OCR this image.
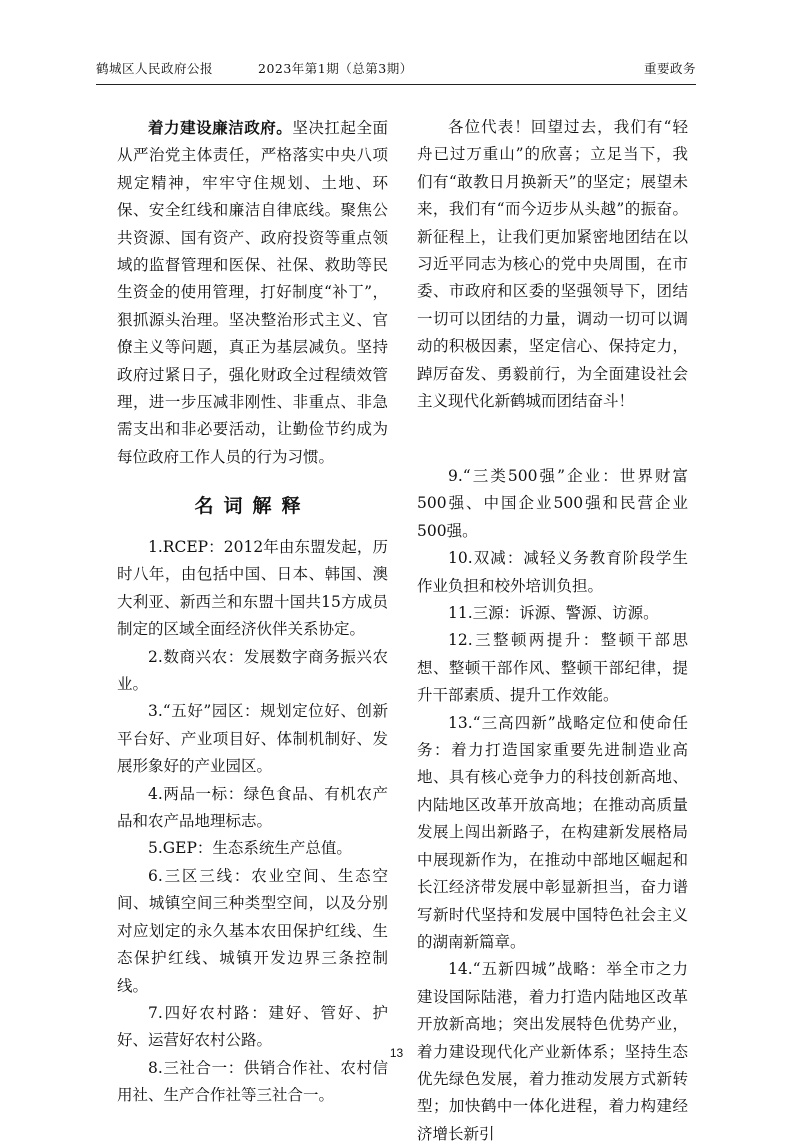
鹤城区人民政府公报	2023年第1期（总第3期）	重要政务

着力建设廉洁政府。坚决扛起全面从严治党主体责任，严格落实中央八项规定精神，牢牢守住规划、土地、环保、安全红线和廉洁自律底线。聚焦公共资源、国有资产、政府投资等重点领域的监督管理和医保、社保、救助等民生资金的使用管理，打好制度“补丁”，狠抓源头治理。坚决整治形式主义、官僚主义等问题，真正为基层减负。坚持政府过紧日子，强化财政全过程绩效管理，进一步压减非刚性、非重点、非急需支出和非必要活动，让勤俭节约成为每位政府工作人员的行为习惯。

各位代表！回望过去，我们有“轻舟已过万重山”的欣喜；立足当下，我们有“敢教日月换新天”的坚定；展望未来，我们有“而今迈步从头越”的振奋。新征程上，让我们更加紧密地团结在以习近平同志为核心的党中央周围，在市委、市政府和区委的坚强领导下，团结一切可以团结的力量，调动一切可以调动的积极因素，坚定信心、保持定力，踔厉奋发、勇毅前行，为全面建设社会主义现代化新鹤城而团结奋斗！

名词解释

1.RCEP：2012年由东盟发起，历时八年，由包括中国、日本、韩国、澳大利亚、新西兰和东盟十国共15方成员制定的区域全面经济伙伴关系协定。

2.数商兴农：发展数字商务振兴农业。

3.“五好”园区：规划定位好、创新平台好、产业项目好、体制机制好、发展形象好的产业园区。

4.两品一标：绿色食品、有机农产品和农产品地理标志。

5.GEP：生态系统生产总值。

6.三区三线：农业空间、生态空间、城镇空间三种类型空间，以及分别对应划定的永久基本农田保护红线、生态保护红线、城镇开发边界三条控制线。

7.四好农村路：建好、管好、护好、运营好农村公路。

8.三社合一：供销合作社、农村信用社、生产合作社等三社合一。

9.“三类500强”企业：世界财富500强、中国企业500强和民营企业500强。

10.双减：减轻义务教育阶段学生作业负担和校外培训负担。

11.三源：诉源、警源、访源。

12.三整顿两提升：整顿干部思想、整顿干部作风、整顿干部纪律，提升干部素质、提升工作效能。

13.“三高四新”战略定位和使命任务：着力打造国家重要先进制造业高地、具有核心竞争力的科技创新高地、内陆地区改革开放高地；在推动高质量发展上闯出新路子，在构建新发展格局中展现新作为，在推动中部地区崛起和长江经济带发展中彰显新担当，奋力谱写新时代坚持和发展中国特色社会主义的湖南新篇章。

14.“五新四城”战略：举全市之力建设国际陆港，着力打造内陆地区改革开放新高地；突出发展特色优势产业，着力建设现代化产业新体系；坚持生态优先绿色发展，着力推动发展方式新转型；加快鹤中一体化进程，着力构建经济增长新引

13
